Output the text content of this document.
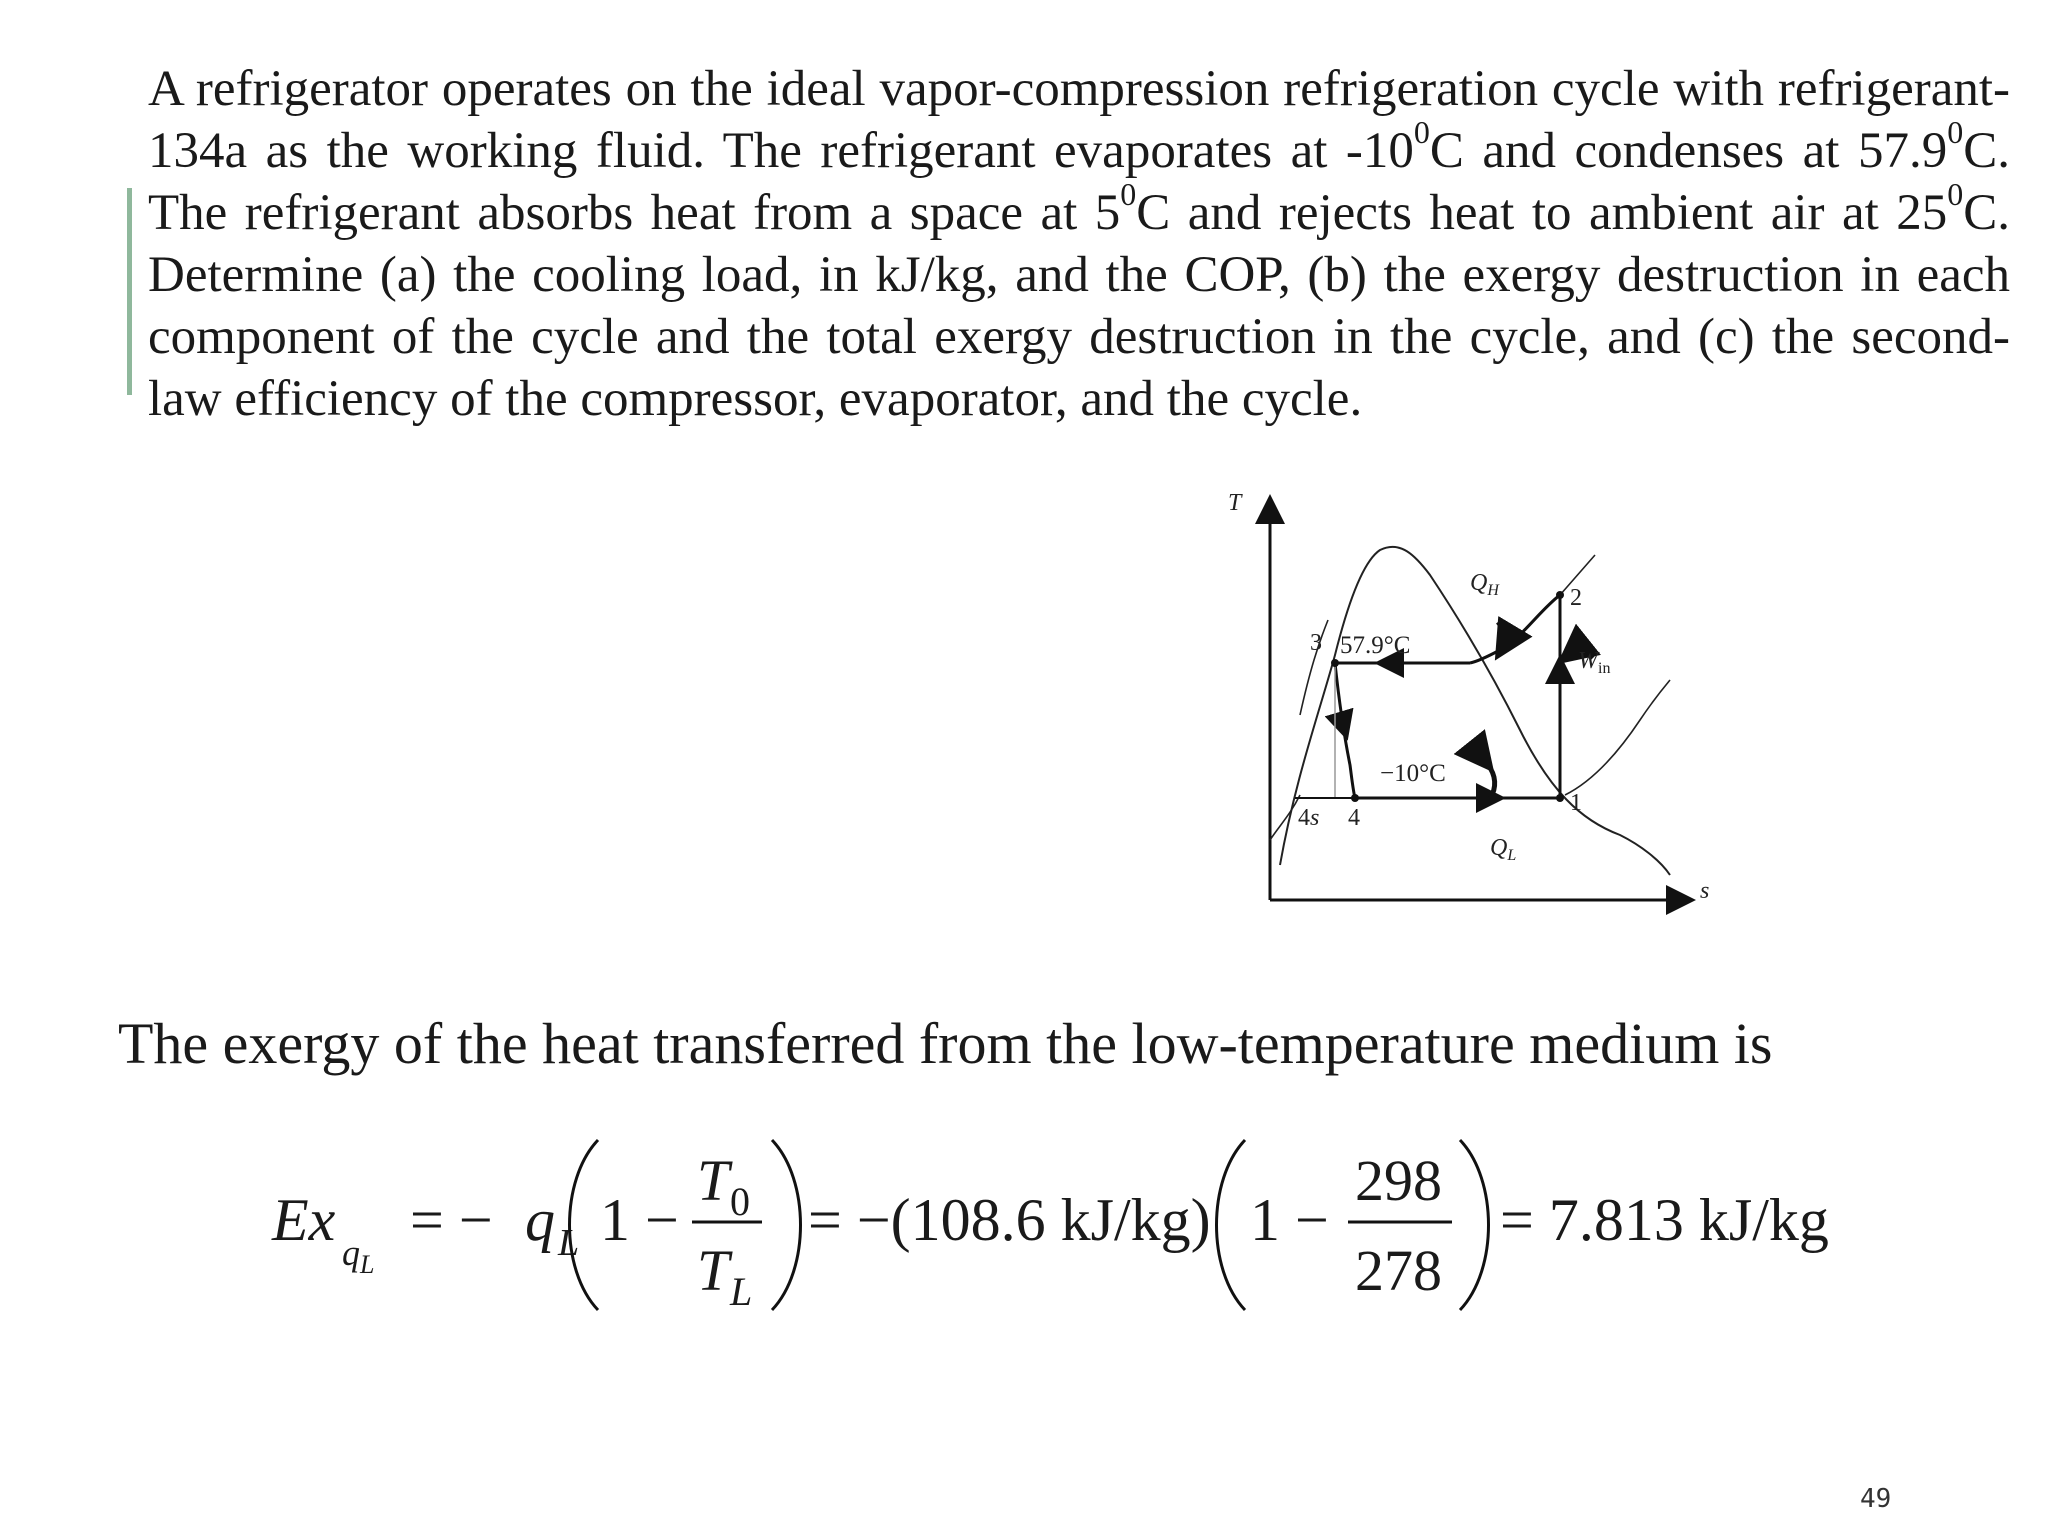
A refrigerator operates on the ideal vapor-compression refrigeration cycle with refrigerant-134a as the working fluid. The refrigerant evaporates at $-10^0C$ and condenses at 57.9$^0$C. The refrigerant absorbs heat from a space at $5^0C$ and rejects heat to ambient air at $25^0C$. Determine (a) the cooling load, in kJ/kg, and the COP, (b) the exergy destruction in each component of the cycle and the total exergy destruction in the cycle, and (c) the second-law efficiency of the compressor, evaporator, and the cycle.

T
s
3
2
1
4
4s
57.9°C
−10°C
$Q_H$
$Q_L$
$W_{in}$

The exergy of the heat transferred from the low-temperature medium is

Ex $q_L$
= − q L 1 −
T 0
T L
= −(108.6 kJ/kg) 1 −
298
278
= 7.813 kJ/kg
49
